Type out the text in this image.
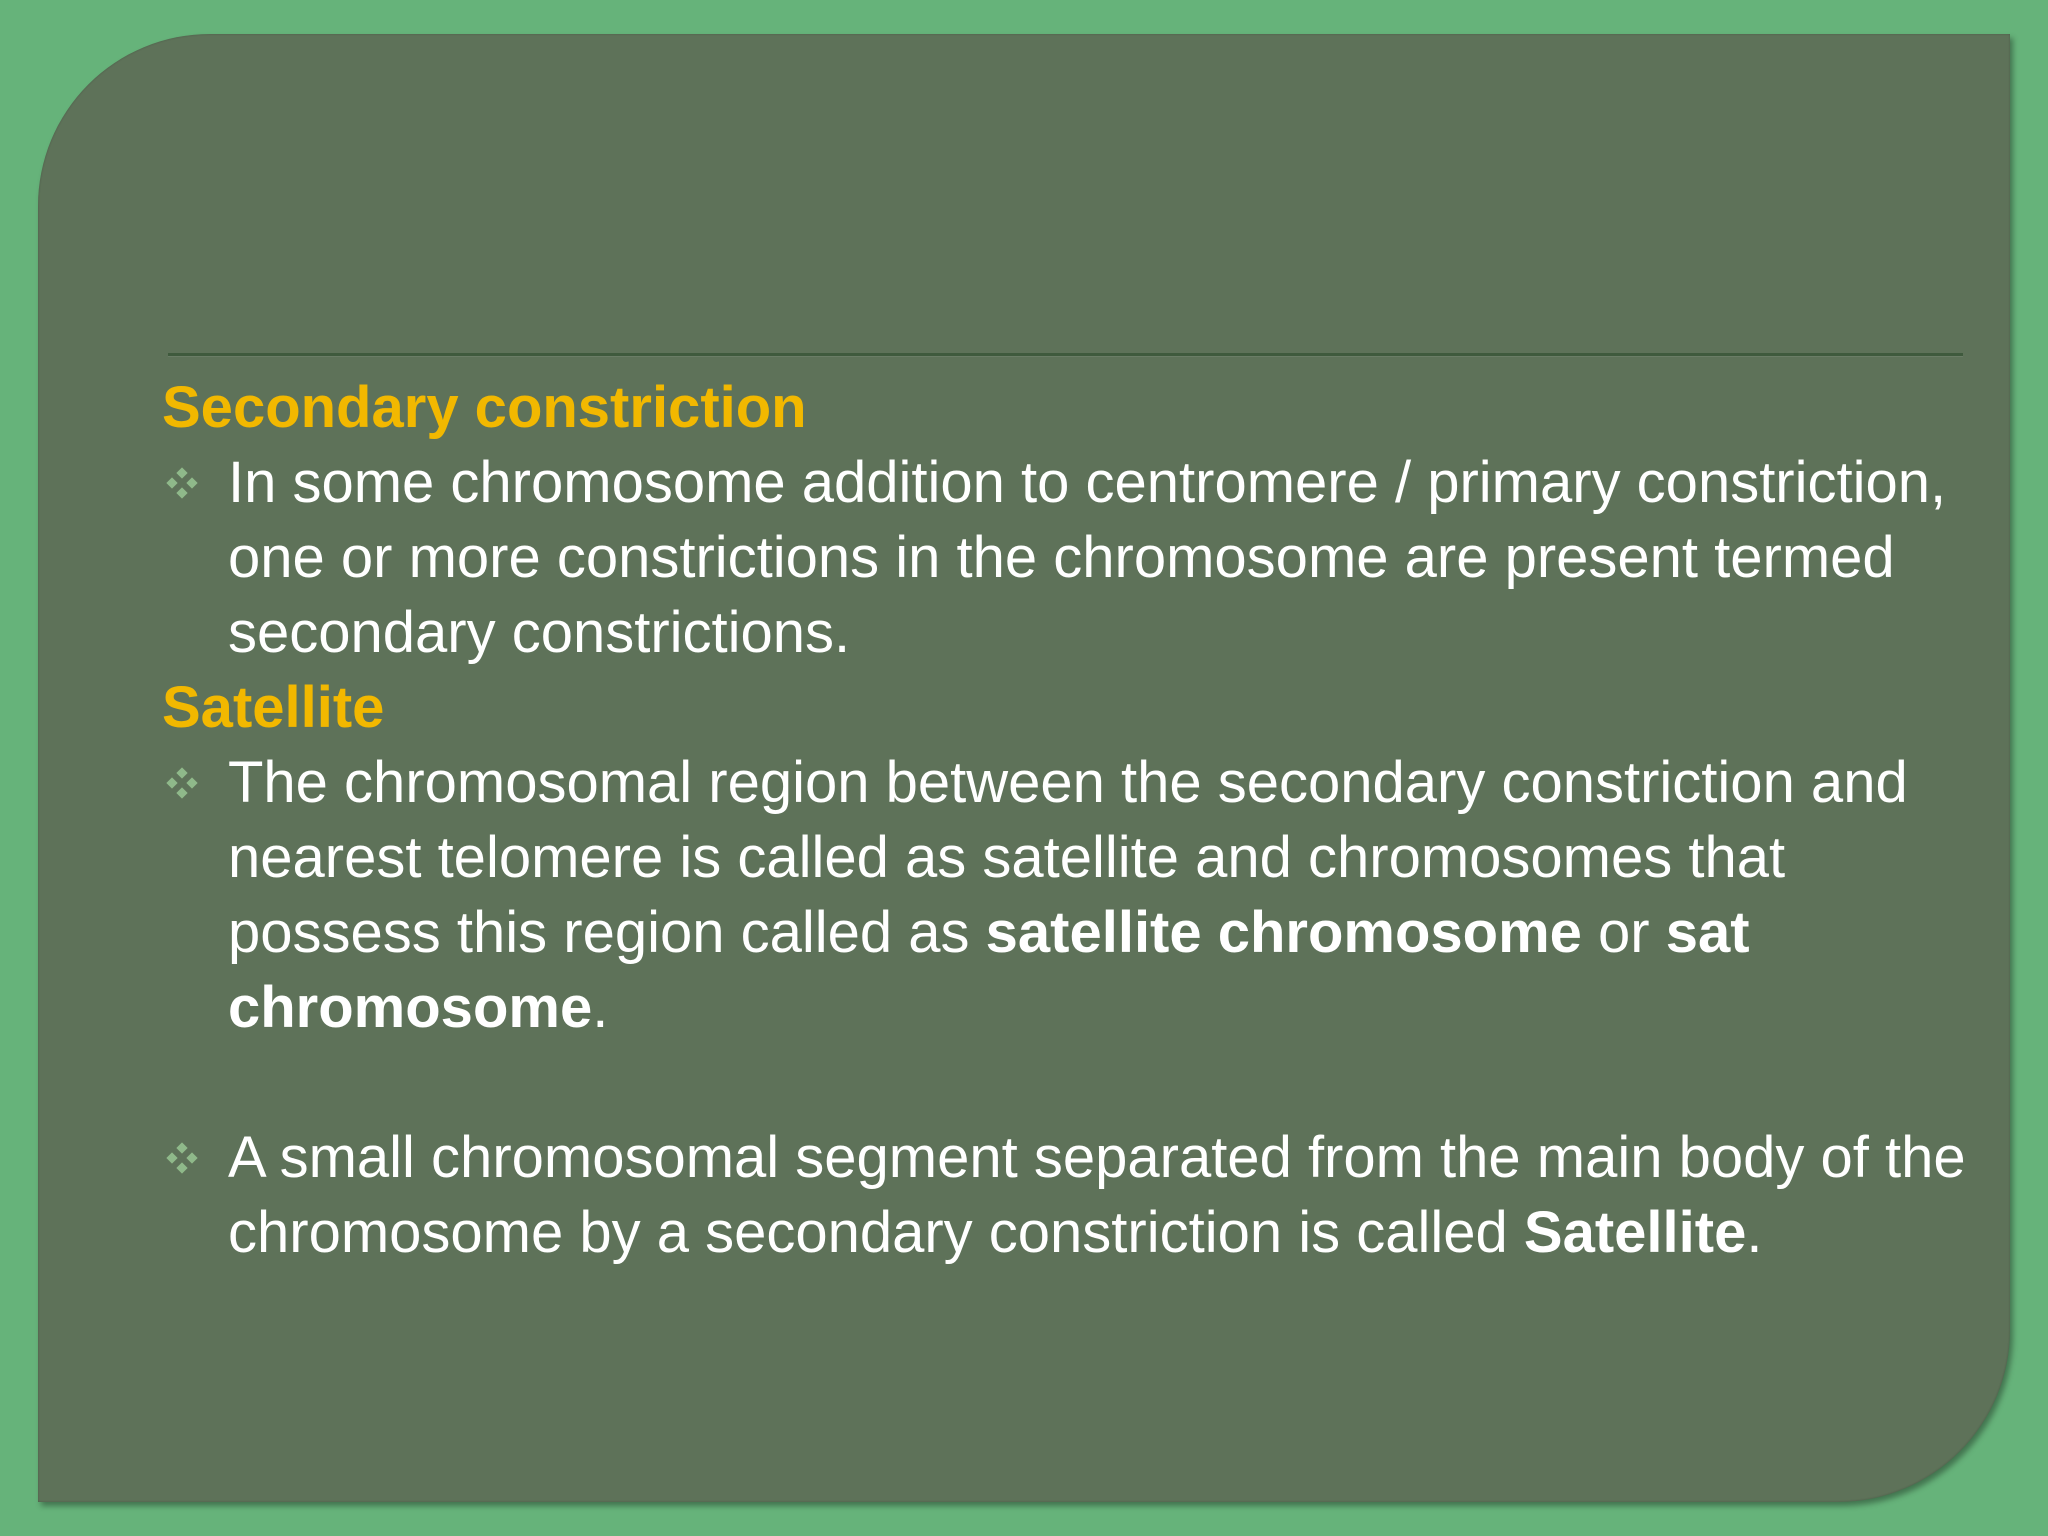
Secondary constriction

In some chromosome addition to centromere / primary constriction, one or more constrictions in the chromosome are present termed secondary constrictions.

Satellite

The chromosomal region between the secondary constriction and nearest telomere is called as satellite and chromosomes that possess this region called as satellite chromosome or sat chromosome.

A small chromosomal segment separated from the main body of the chromosome by a secondary constriction is called Satellite.
